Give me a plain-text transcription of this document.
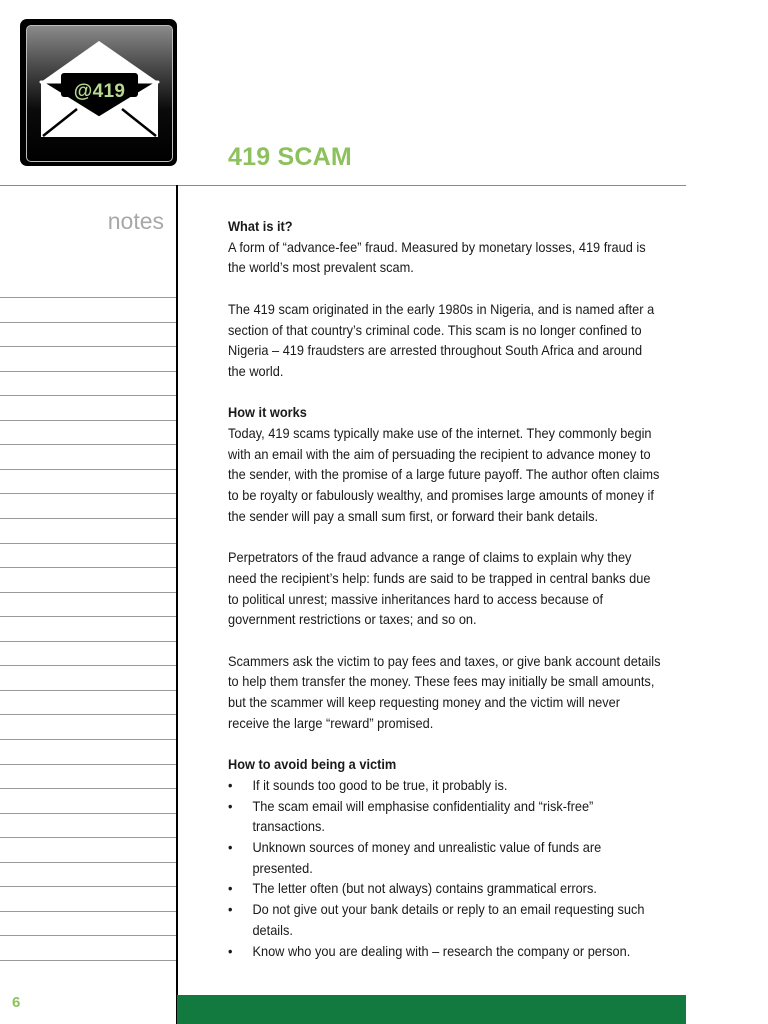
@419
419 SCAM
notes	What is it?

A form of “advance-fee” fraud. Measured by monetary losses, 419 fraud is the world’s most prevalent scam.

The 419 scam originated in the early 1980s in Nigeria, and is named after a section of that country’s criminal code. This scam is no longer confined to Nigeria – 419 fraudsters are arrested throughout South Africa and around the world.

How it works

Today, 419 scams typically make use of the internet. They commonly begin with an email with the aim of persuading the recipient to advance money to the sender, with the promise of a large future payoff. The author often claims to be royalty or fabulously wealthy, and promises large amounts of money if the sender will pay a small sum first, or forward their bank details.

Perpetrators of the fraud advance a range of claims to explain why they need the recipient’s help: funds are said to be trapped in central banks due to political unrest; massive inheritances hard to access because of government restrictions or taxes; and so on.

Scammers ask the victim to pay fees and taxes, or give bank account details to help them transfer the money. These fees may initially be small amounts, but the scammer will keep requesting money and the victim will never receive the large “reward” promised.

How to avoid being a victim
• If it sounds too good to be true, it probably is.
• The scam email will emphasise confidentiality and “risk-free” transactions.
• Unknown sources of money and unrealistic value of funds are presented.
• The letter often (but not always) contains grammatical errors.
• Do not give out your bank details or reply to an email requesting such details.
• Know who you are dealing with – research the company or person.
6
